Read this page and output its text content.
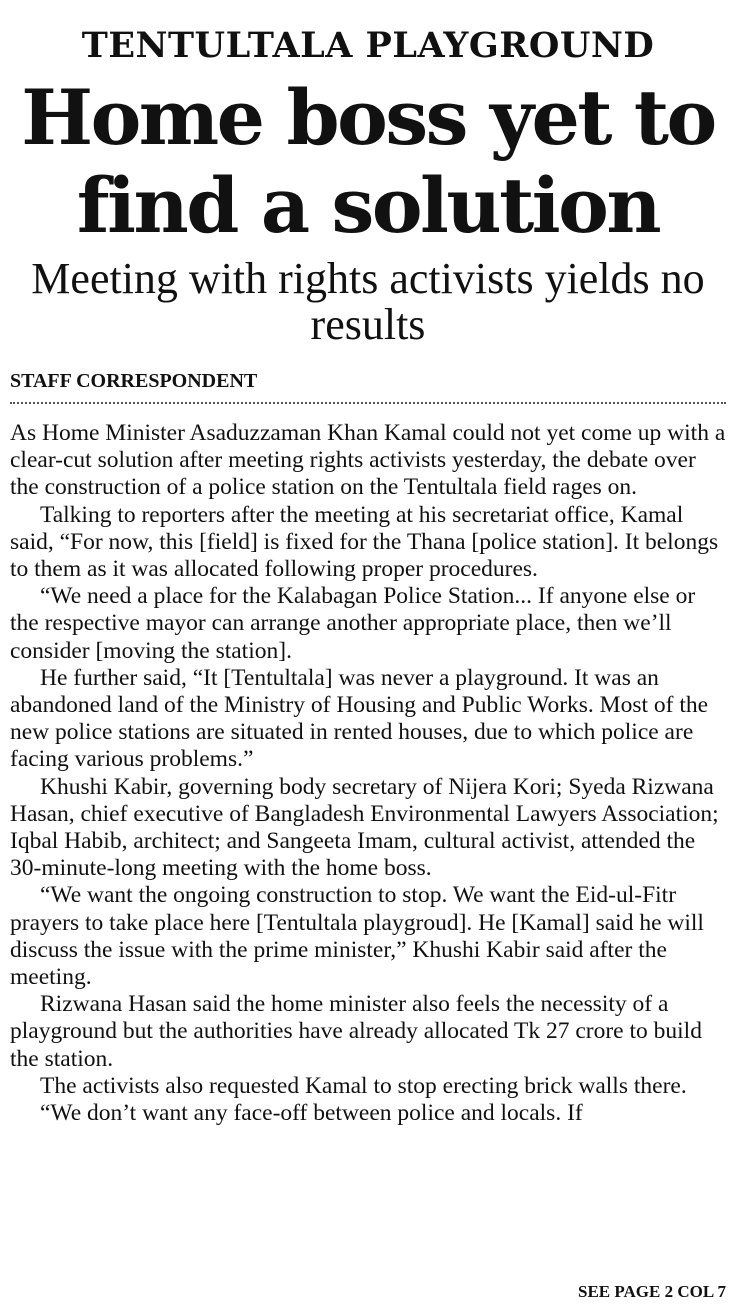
TENTULTALA PLAYGROUND
Home boss yet to find a solution
Meeting with rights activists yields no results
STAFF CORRESPONDENT

As Home Minister Asaduzzaman Khan Kamal could not yet come up with a clear-cut solution after meeting rights activists yesterday, the debate over the construction of a police station on the Tentultala field rages on.

Talking to reporters after the meeting at his secretariat office, Kamal said, “For now, this [field] is fixed for the Thana [police station]. It belongs to them as it was allocated following proper procedures.

“We need a place for the Kalabagan Police Station... If anyone else or the respective mayor can arrange another appropriate place, then we’ll consider [moving the station].

He further said, “It [Tentultala] was never a playground. It was an abandoned land of the Ministry of Housing and Public Works. Most of the new police stations are situated in rented houses, due to which police are facing various problems.”

Khushi Kabir, governing body secretary of Nijera Kori; Syeda Rizwana Hasan, chief executive of Bangladesh Environmental Lawyers Association; Iqbal Habib, architect; and Sangeeta Imam, cultural activist, attended the 30-minute-long meeting with the home boss.

“We want the ongoing construction to stop. We want the Eid-ul-Fitr prayers to take place here [Tentultala playgroud]. He [Kamal] said he will discuss the issue with the prime minister,” Khushi Kabir said after the meeting.

Rizwana Hasan said the home minister also feels the necessity of a playground but the authorities have already allocated Tk 27 crore to build the station.

The activists also requested Kamal to stop erecting brick walls there.

“We don’t want any face-off between police and locals. If

SEE PAGE 2 COL 7
